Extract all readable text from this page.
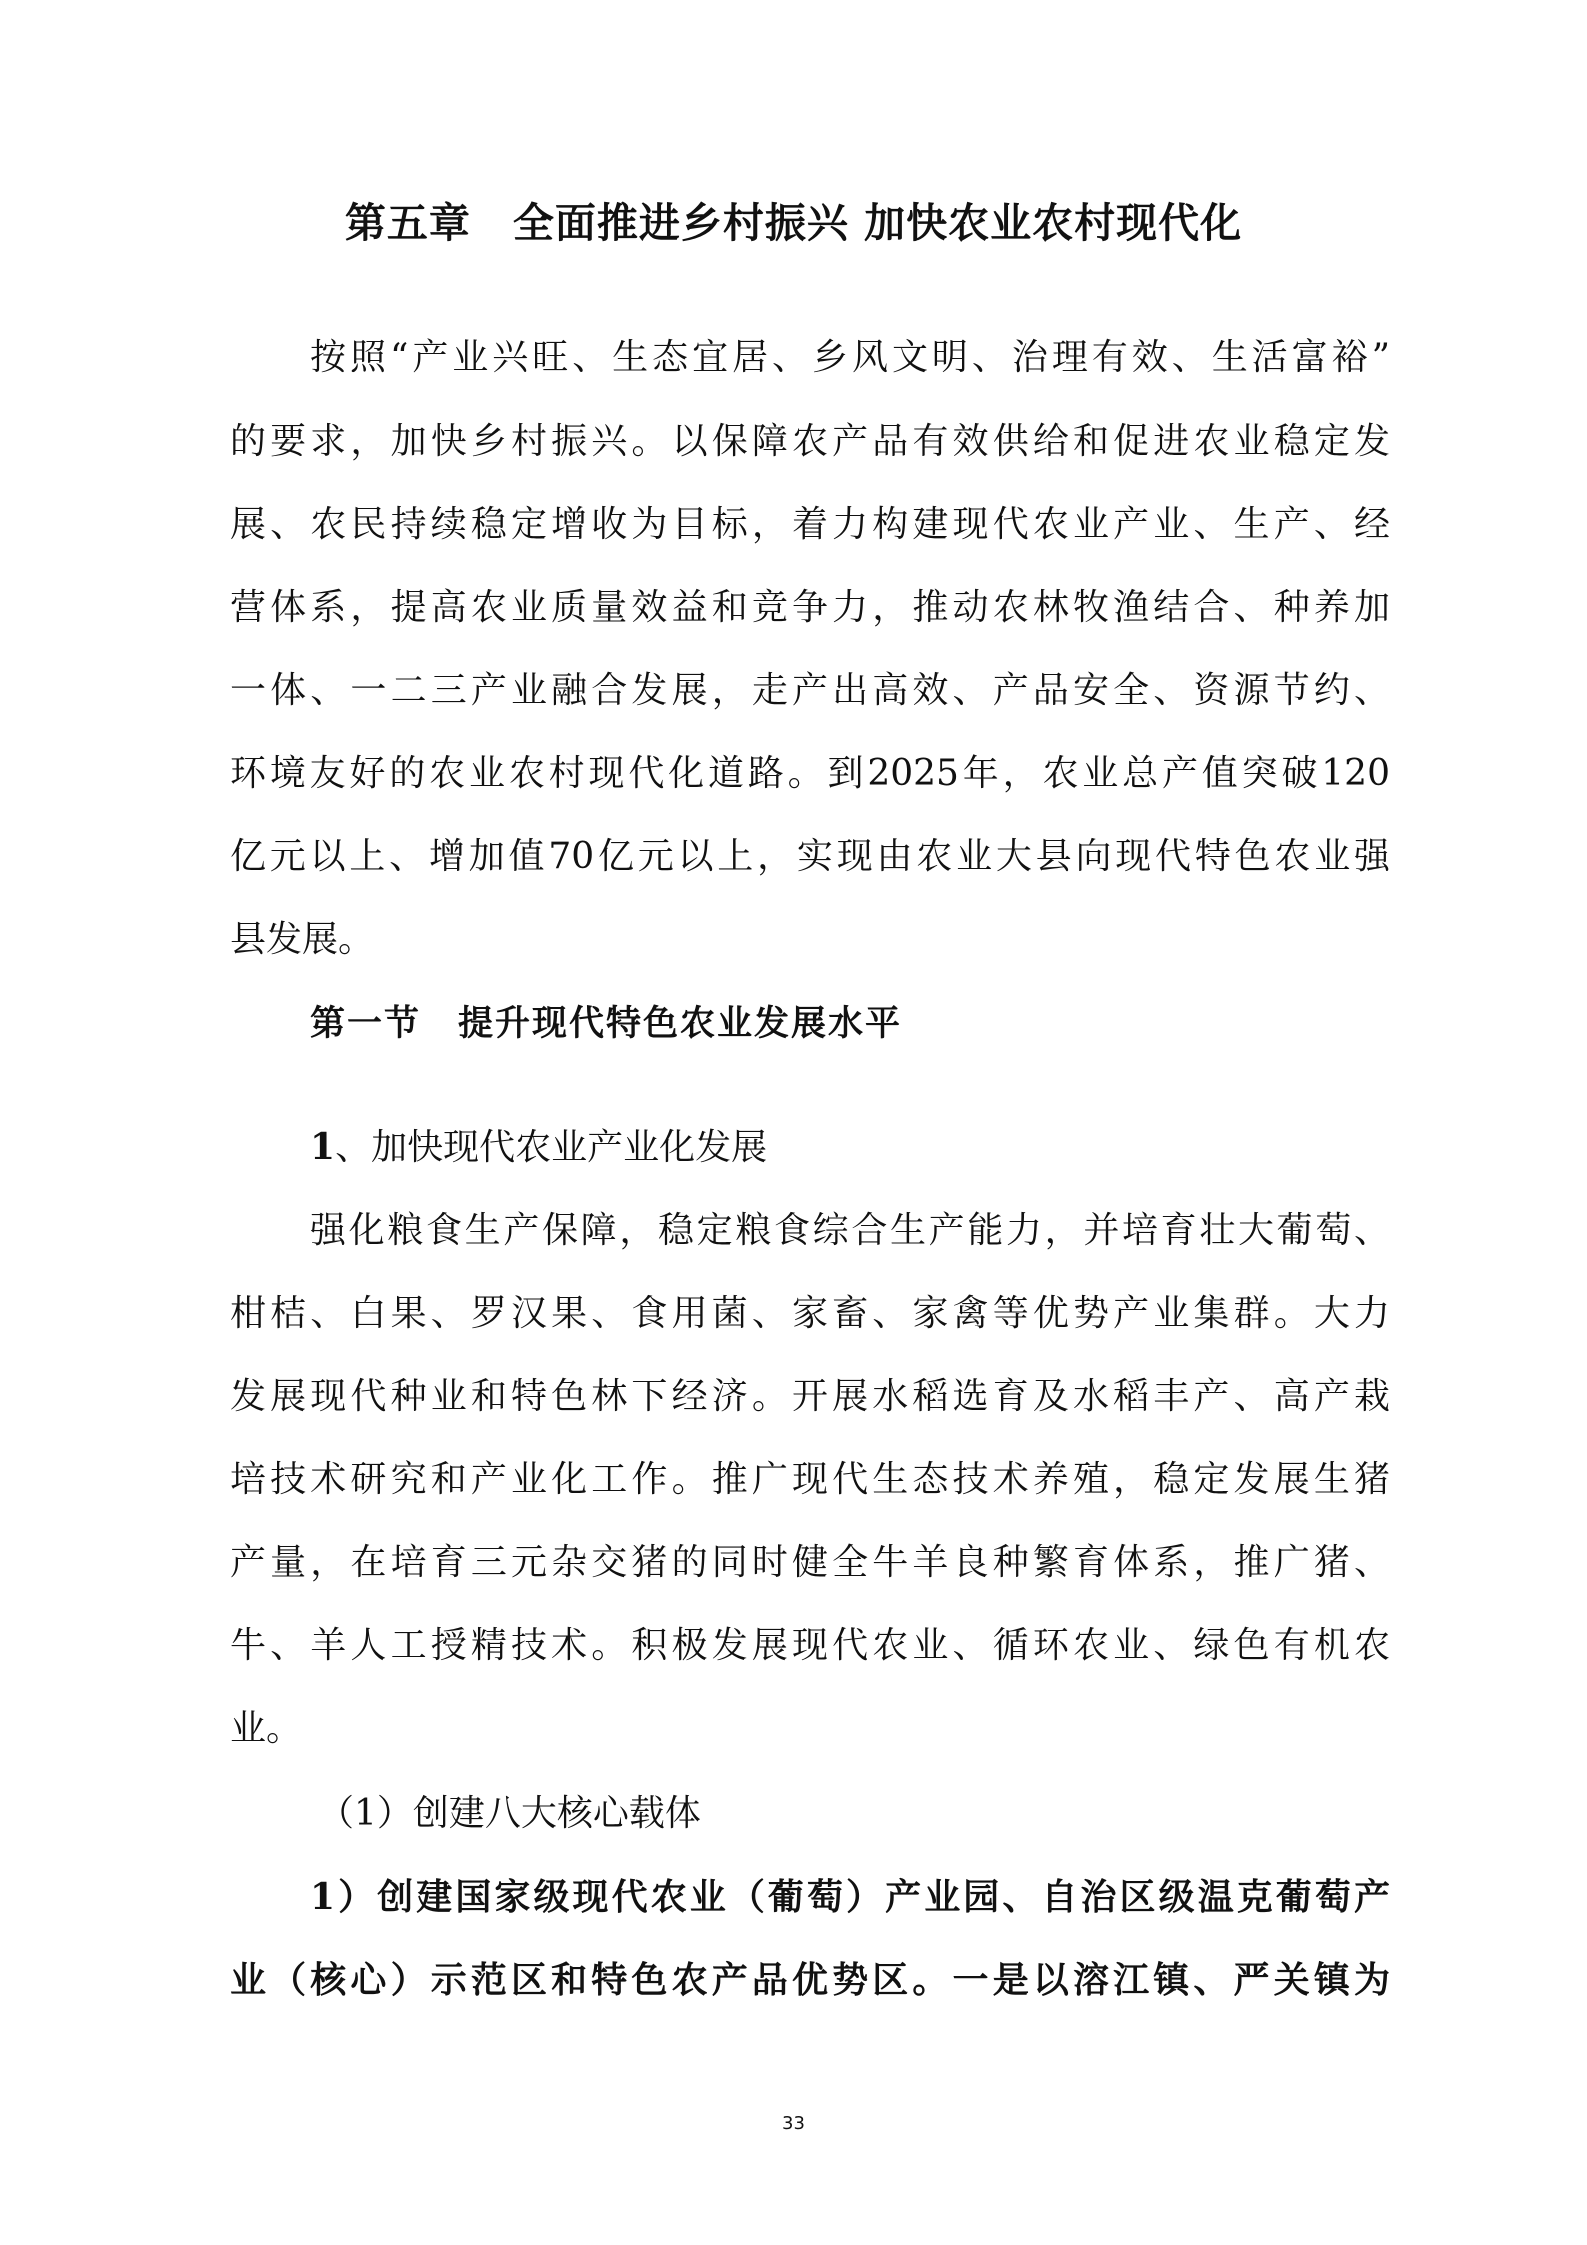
第五章　全面推进乡村振兴 加快农业农村现代化
按照“产业兴旺、生态宜居、乡风文明、治理有效、生活富裕”
的要求，加快乡村振兴。以保障农产品有效供给和促进农业稳定发
展、农民持续稳定增收为目标，着力构建现代农业产业、生产、经
营体系，提高农业质量效益和竞争力，推动农林牧渔结合、种养加
一体、一二三产业融合发展，走产出高效、产品安全、资源节约、
环境友好的农业农村现代化道路。到2025年，农业总产值突破120
亿元以上、增加值70亿元以上，实现由农业大县向现代特色农业强
县发展。
第一节　提升现代特色农业发展水平
1、加快现代农业产业化发展
强化粮食生产保障，稳定粮食综合生产能力，并培育壮大葡萄、
柑桔、白果、罗汉果、食用菌、家畜、家禽等优势产业集群。大力
发展现代种业和特色林下经济。开展水稻选育及水稻丰产、高产栽
培技术研究和产业化工作。推广现代生态技术养殖，稳定发展生猪
产量，在培育三元杂交猪的同时健全牛羊良种繁育体系，推广猪、
牛、羊人工授精技术。积极发展现代农业、循环农业、绿色有机农
业。
（1）创建八大核心载体
1）创建国家级现代农业（葡萄）产业园、自治区级温克葡萄产
业（核心）示范区和特色农产品优势区。一是以溶江镇、严关镇为
33
